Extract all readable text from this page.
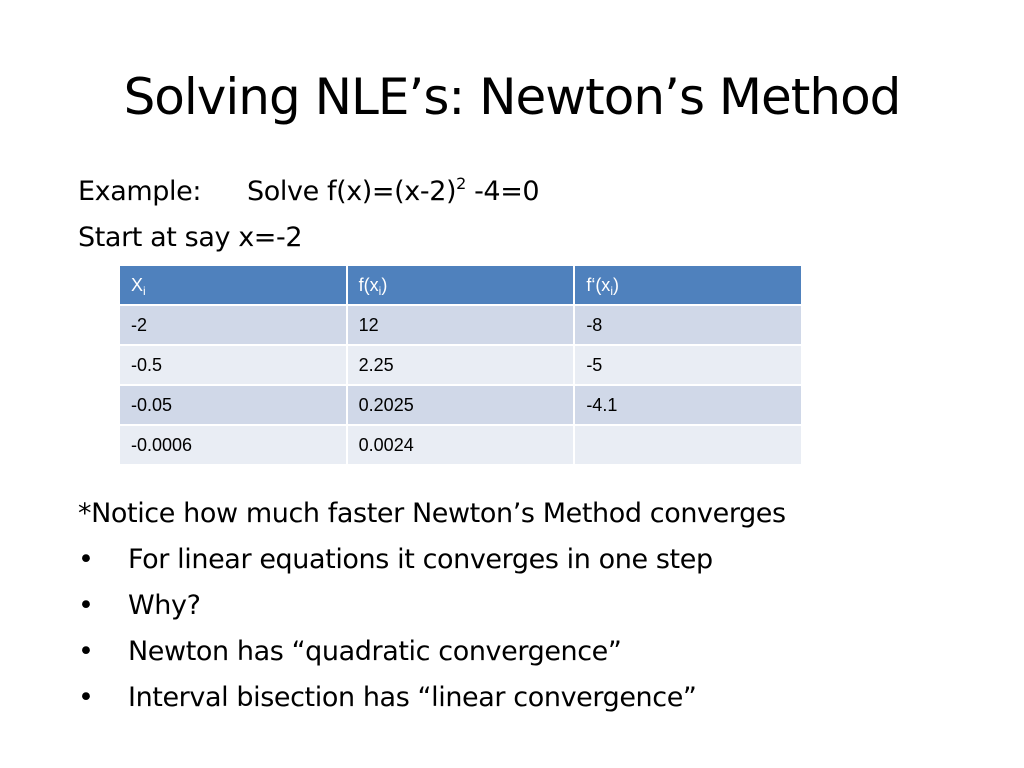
Solving NLE’s: Newton’s Method
Example: Solve $f(x)=(x-2)^2$ -4=0
Start at say x=-2
$X_i$	$f(x_i)$	$f‘(x_i)$
-2	12	-8
-0.5	2.25	-5
-0.05	0.2025	-4.1
-0.0006	0.0024	
*Notice how much faster Newton’s Method converges
• For linear equations it converges in one step
• Why?
• Newton has “quadratic convergence”
• Interval bisection has “linear convergence”
